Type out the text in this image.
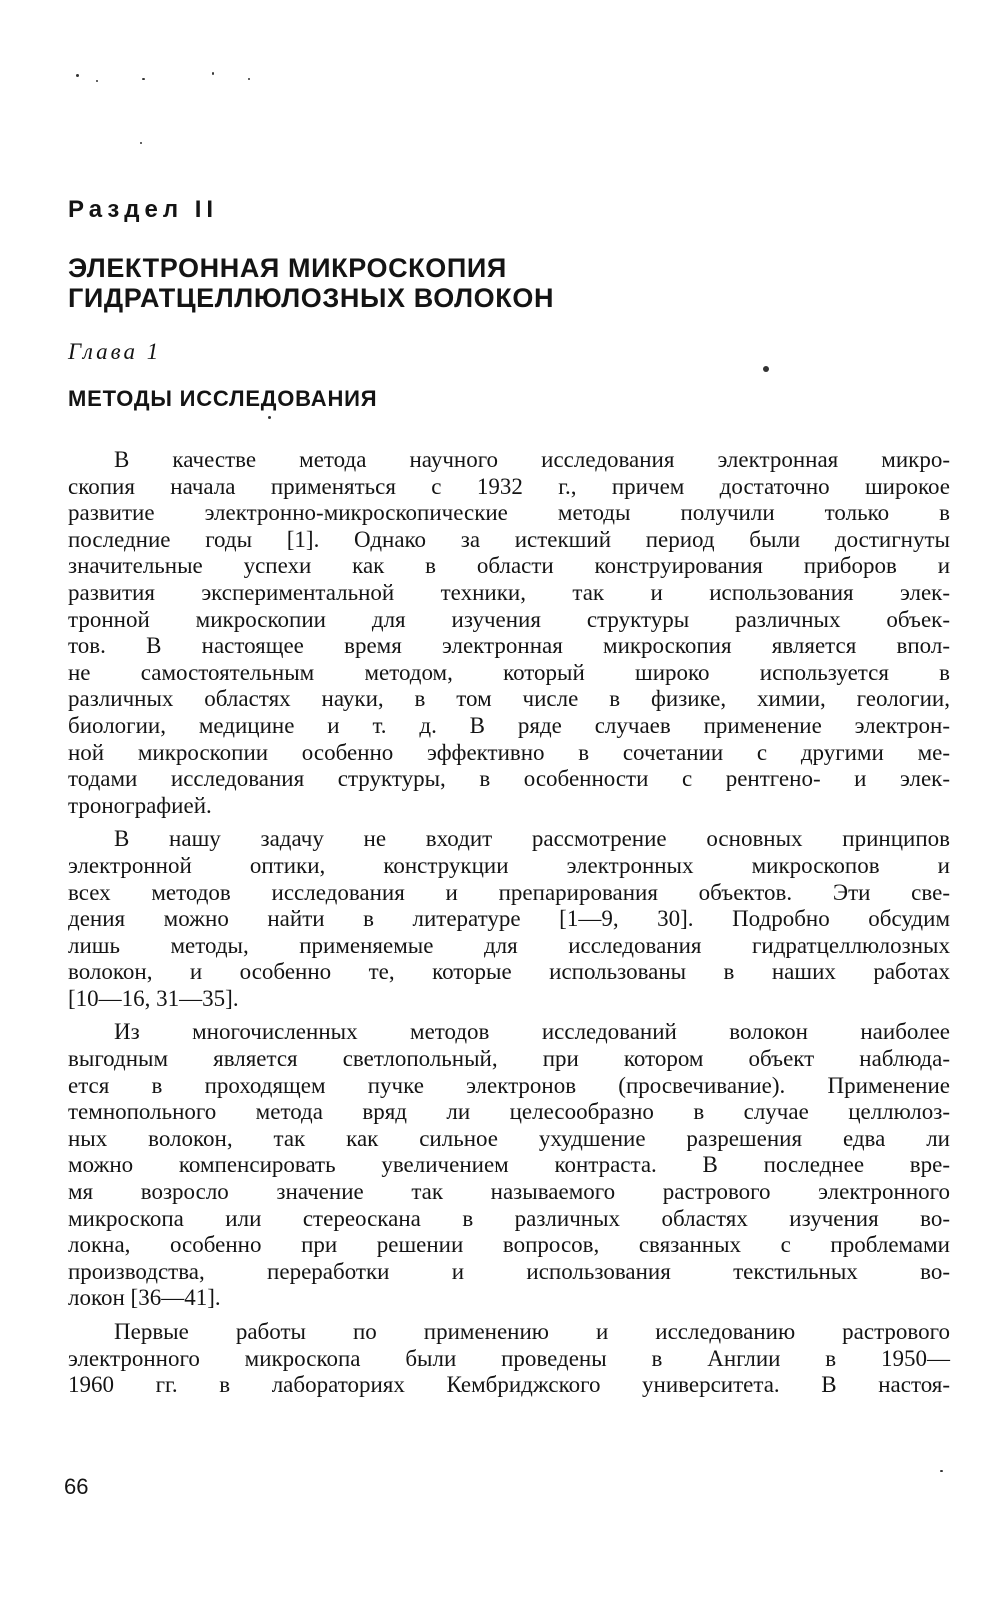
Раздел II

ЭЛЕКТРОННАЯ МИКРОСКОПИЯ
ГИДРАТЦЕЛЛЮЛОЗНЫХ ВОЛОКОН

Глава 1

МЕТОДЫ ИССЛЕДОВАНИЯ
В качестве метода научного исследования электронная микро-
скопия начала применяться с 1932 г., причем достаточно широкое
развитие электронно-микроскопические методы получили только в
последние годы [1]. Однако за истекший период были достигнуты
значительные успехи как в области конструирования приборов и
развития экспериментальной техники, так и использования элек-
тронной микроскопии для изучения структуры различных объек-
тов. В настоящее время электронная микроскопия является впол-
не самостоятельным методом, который широко используется в
различных областях науки, в том числе в физике, химии, геологии,
биологии, медицине и т. д. В ряде случаев применение электрон-
ной микроскопии особенно эффективно в сочетании с другими ме-
тодами исследования структуры, в особенности с рентгено- и элек-
тронографией.
В нашу задачу не входит рассмотрение основных принципов
электронной оптики, конструкции электронных микроскопов и
всех методов исследования и препарирования объектов. Эти све-
дения можно найти в литературе [1—9, 30]. Подробно обсудим
лишь методы, применяемые для исследования гидратцеллюлозных
волокон, и особенно те, которые использованы в наших работах
[10—16, 31—35].
Из многочисленных методов исследований волокон наиболее
выгодным является светлопольный, при котором объект наблюда-
ется в проходящем пучке электронов (просвечивание). Применение
темнопольного метода вряд ли целесообразно в случае целлюлоз-
ных волокон, так как сильное ухудшение разрешения едва ли
можно компенсировать увеличением контраста. В последнее вре-
мя возросло значение так называемого растрового электронного
микроскопа или стереоскана в различных областях изучения во-
локна, особенно при решении вопросов, связанных с проблемами
производства, переработки и использования текстильных во-
локон [36—41].
Первые работы по применению и исследованию растрового
электронного микроскопа были проведены в Англии в 1950—
1960 гг. в лабораториях Кембриджского университета. В настоя-

66
